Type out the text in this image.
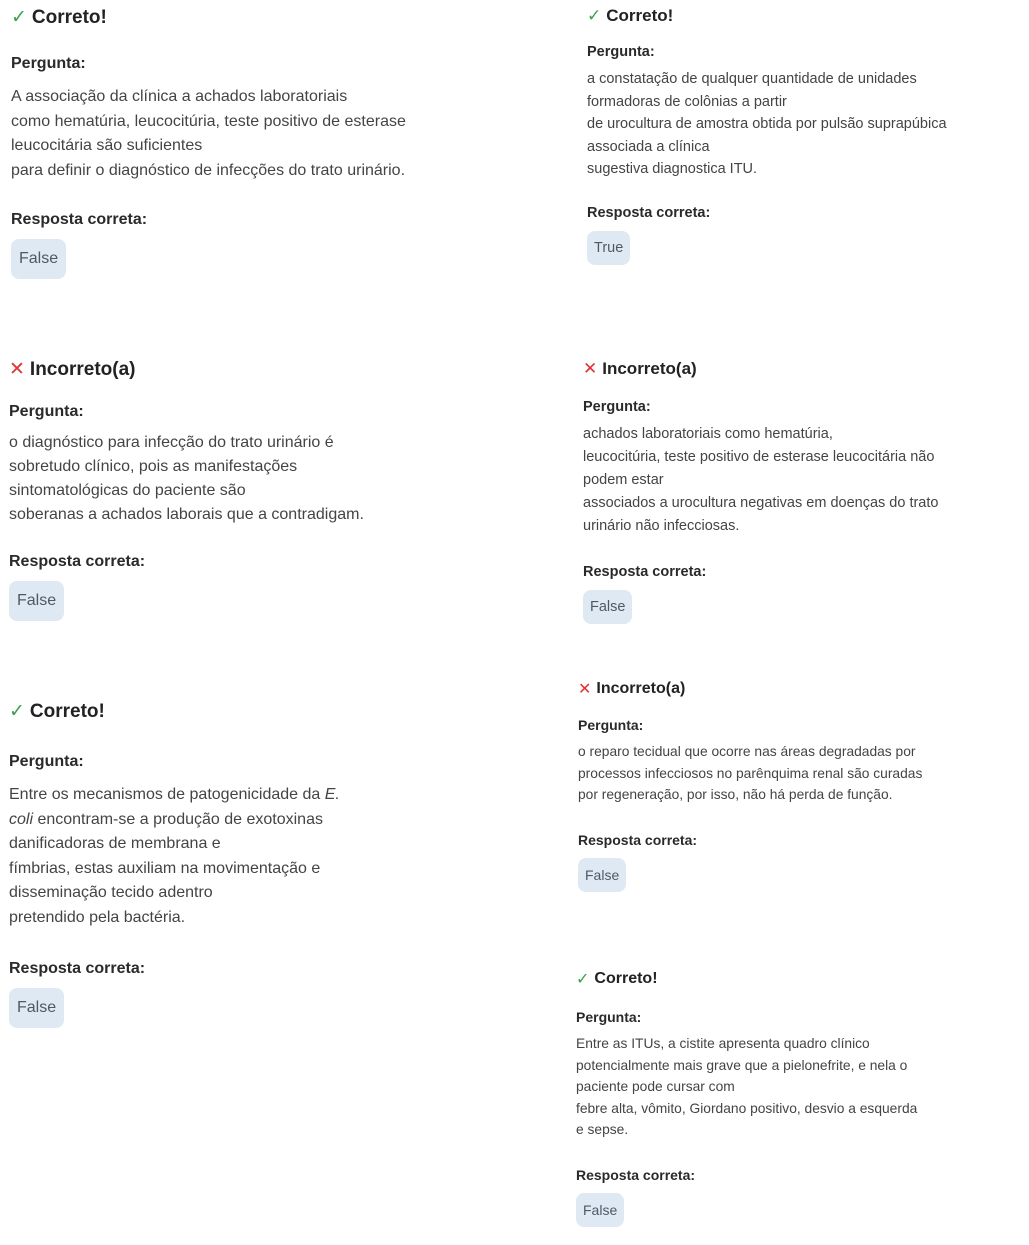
✓ Correto!
Pergunta:
A associação da clínica a achados laboratoriais
como hematúria, leucocitúria, teste positivo de esterase
leucocitária são suficientes
para definir o diagnóstico de infecções do trato urinário.
Resposta correta:
False
✕ Incorreto(a)
Pergunta:
o diagnóstico para infecção do trato urinário é
sobretudo clínico, pois as manifestações
sintomatológicas do paciente são
soberanas a achados laborais que a contradigam.
Resposta correta:
False
✓ Correto!
Pergunta:
Entre os mecanismos de patogenicidade da E.
coli encontram-se a produção de exotoxinas
danificadoras de membrana e
fímbrias, estas auxiliam na movimentação e
disseminação tecido adentro
pretendido pela bactéria.
Resposta correta:
False
✓ Correto!
Pergunta:
a constatação de qualquer quantidade de unidades
formadoras de colônias a partir
de urocultura de amostra obtida por pulsão suprapúbica
associada a clínica
sugestiva diagnostica ITU.
Resposta correta:
True
✕ Incorreto(a)
Pergunta:
achados laboratoriais como hematúria,
leucocitúria, teste positivo de esterase leucocitária não
podem estar
associados a urocultura negativas em doenças do trato
urinário não infecciosas.
Resposta correta:
False
✕ Incorreto(a)
Pergunta:
o reparo tecidual que ocorre nas áreas degradadas por
processos infecciosos no parênquima renal são curadas
por regeneração, por isso, não há perda de função.
Resposta correta:
False
✓ Correto!
Pergunta:
Entre as ITUs, a cistite apresenta quadro clínico
potencialmente mais grave que a pielonefrite, e nela o
paciente pode cursar com
febre alta, vômito, Giordano positivo, desvio a esquerda
e sepse.
Resposta correta:
False
